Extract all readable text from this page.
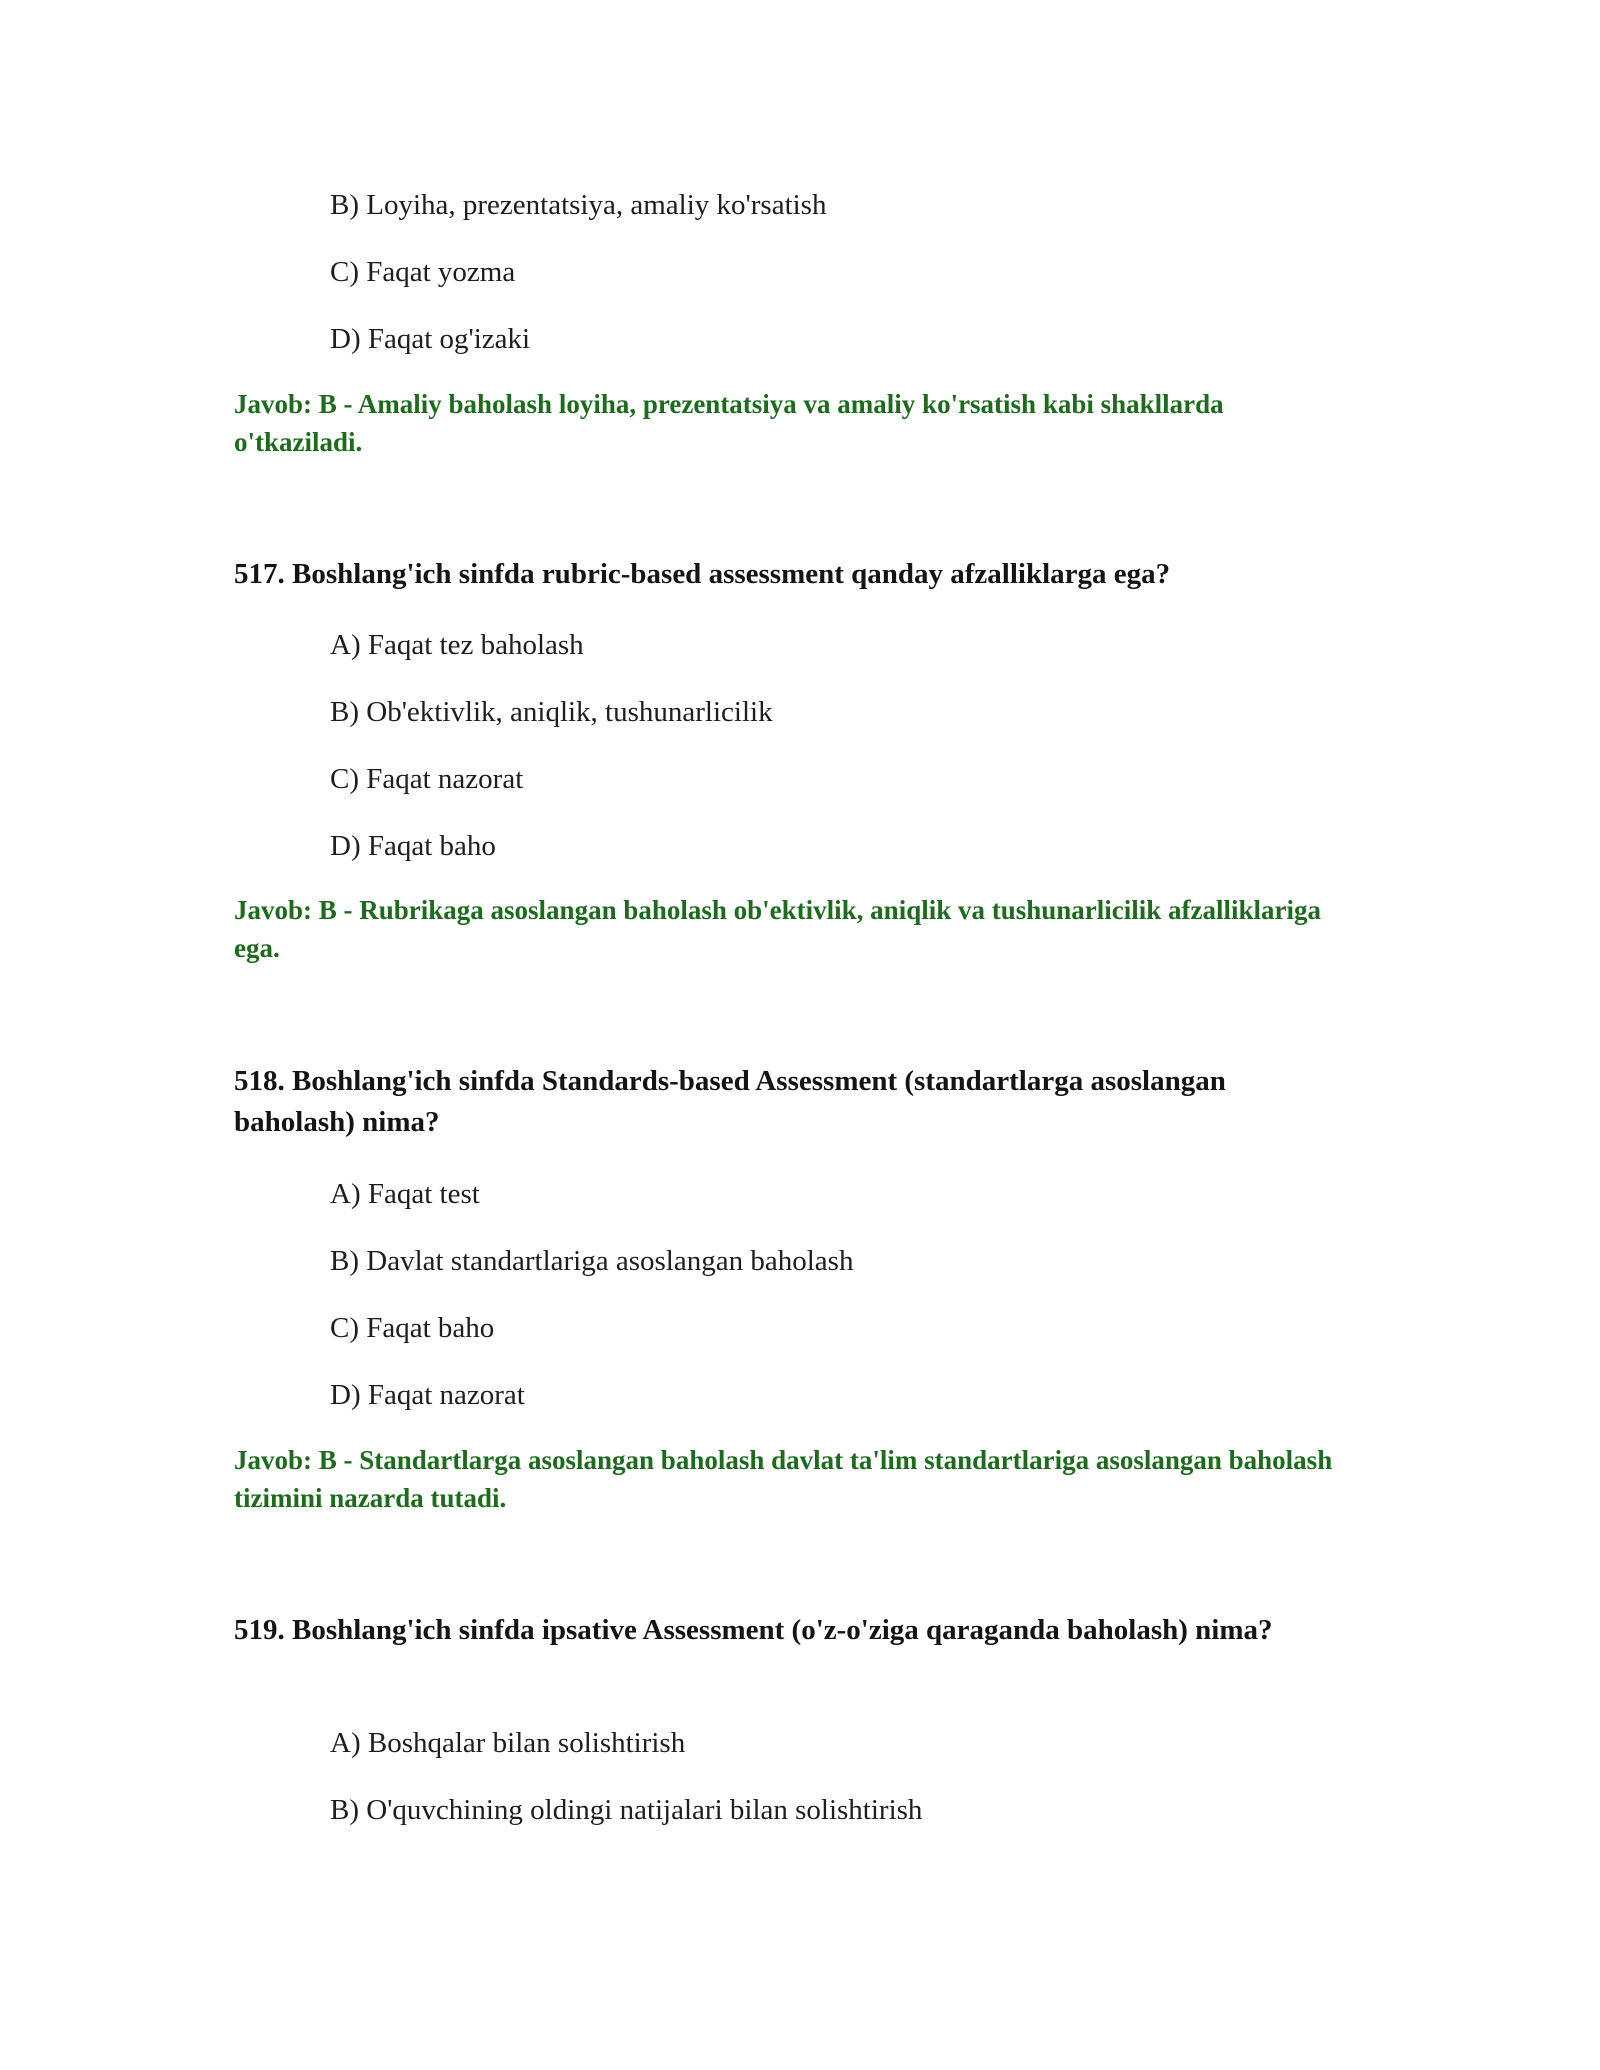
B) Loyiha, prezentatsiya, amaliy ko'rsatish
C) Faqat yozma
D) Faqat og'izaki
Javob: B - Amaliy baholash loyiha, prezentatsiya va amaliy ko'rsatish kabi shakllarda o'tkaziladi.
517. Boshlang'ich sinfda rubric-based assessment qanday afzalliklarga ega?
A) Faqat tez baholash
B) Ob'ektivlik, aniqlik, tushunarlicilik
C) Faqat nazorat
D) Faqat baho
Javob: B - Rubrikaga asoslangan baholash ob'ektivlik, aniqlik va tushunarlicilik afzalliklariga ega.
518. Boshlang'ich sinfda Standards-based Assessment (standartlarga asoslangan baholash) nima?
A) Faqat test
B) Davlat standartlariga asoslangan baholash
C) Faqat baho
D) Faqat nazorat
Javob: B - Standartlarga asoslangan baholash davlat ta'lim standartlariga asoslangan baholash tizimini nazarda tutadi.
519. Boshlang'ich sinfda ipsative Assessment (o'z-o'ziga qaraganda baholash) nima?
A) Boshqalar bilan solishtirish
B) O'quvchining oldingi natijalari bilan solishtirish
